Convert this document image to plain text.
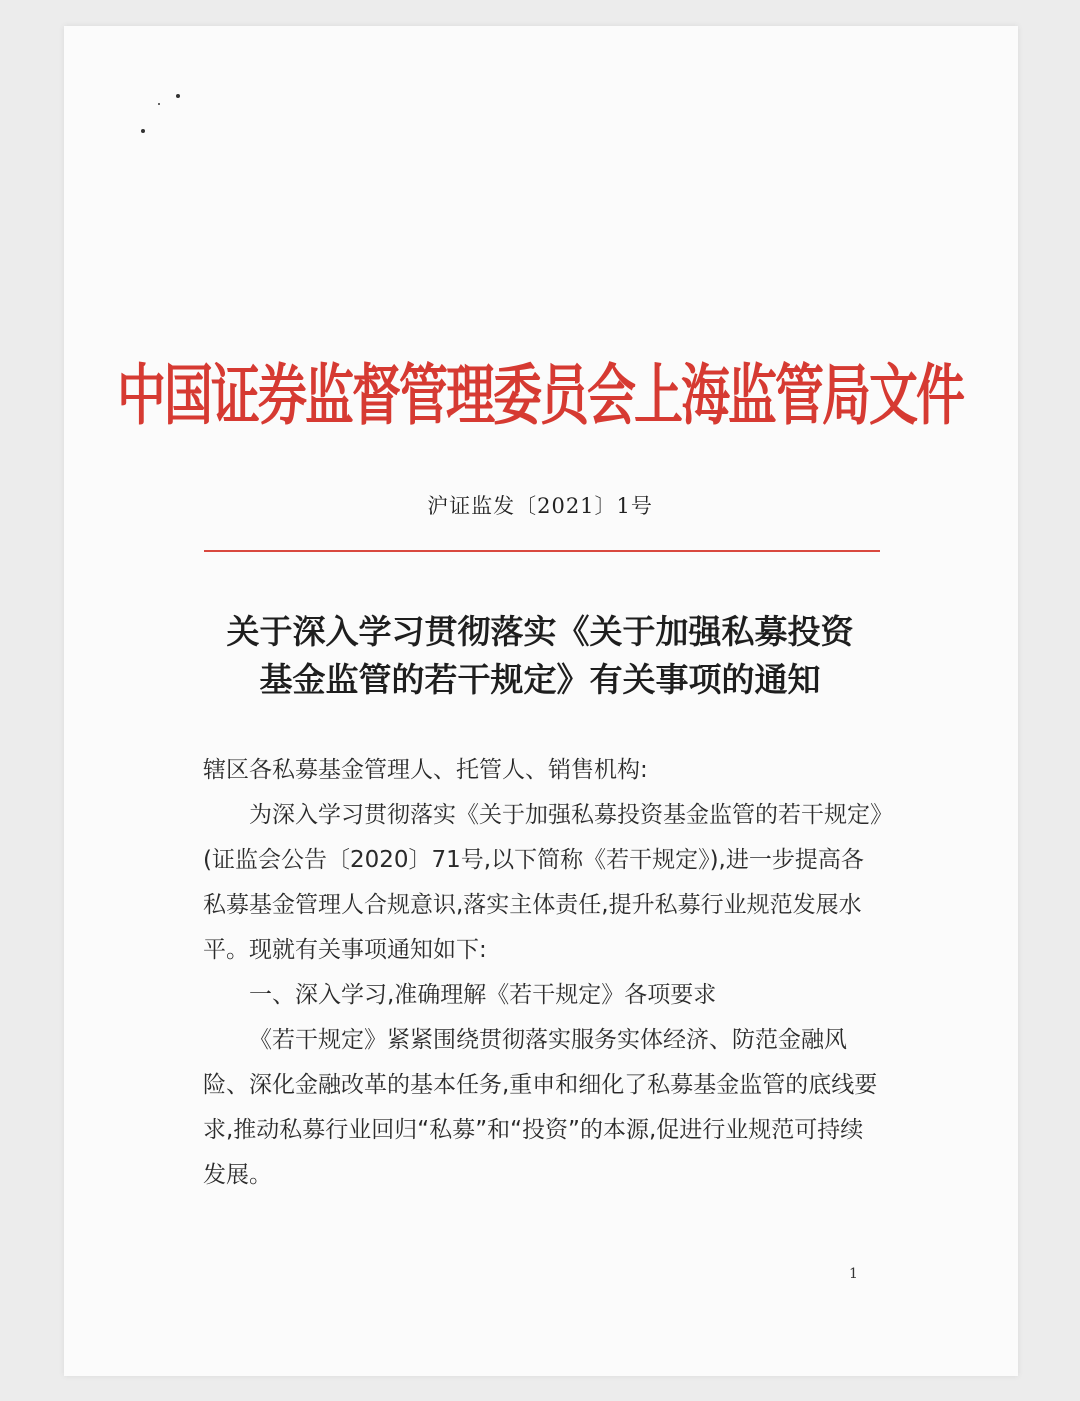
中国证券监督管理委员会上海监管局文件
沪证监发〔2021〕1号
关于深入学习贯彻落实《关于加强私募投资
基金监管的若干规定》有关事项的通知

辖区各私募基金管理人、托管人、销售机构:

为深入学习贯彻落实《关于加强私募投资基金监管的若干规定》(证监会公告〔2020〕71号,以下简称《若干规定》),进一步提高各私募基金管理人合规意识,落实主体责任,提升私募行业规范发展水平。现就有关事项通知如下:

一、深入学习,准确理解《若干规定》各项要求

《若干规定》紧紧围绕贯彻落实服务实体经济、防范金融风险、深化金融改革的基本任务,重申和细化了私募基金监管的底线要求,推动私募行业回归“私募”和“投资”的本源,促进行业规范可持续发展。

1
